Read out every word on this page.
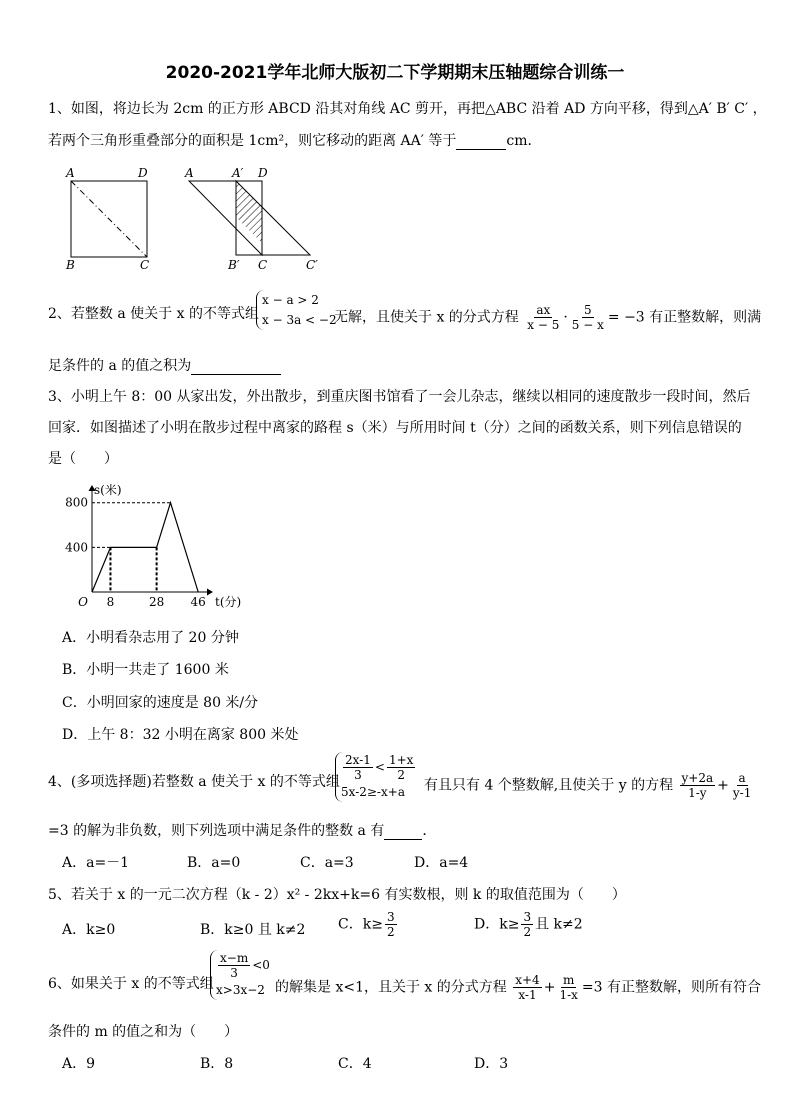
2020-2021学年北师大版初二下学期期末压轴题综合训练一
1、如图，将边长为 2cm 的正方形 ABCD 沿其对角线 AC 剪开，再把△ABC 沿着 AD 方向平移，得到△A′ B′ C′ ，
若两个三角形重叠部分的面积是 1cm²，则它移动的距离 AA′ 等于	cm．
A	D
B	C
A	A′ D
B′ C	C′
2、若整数 a 使关于 x 的不等式组
x − a > 2
x − 3a < −2
无解，且使关于 x 的分式方程 $\frac{ax}{x - 5} \cdot \frac{5}{5 - x} = -3$ 有正整数解，则满
足条件的 a 的值之积为
3、小明上午 8：00 从家出发，外出散步，到重庆图书馆看了一会儿杂志，继续以相同的速度散步一段时间，然后
回家．如图描述了小明在散步过程中离家的路程 s（米）与所用时间 t（分）之间的函数关系，则下列信息错误的
是（　　）
800
400
O 8	28 46
s(米)
t(分)
A．小明看杂志用了 20 分钟
B．小明一共走了 1600 米
C．小明回家的速度是 80 米/分
D．上午 8：32 小明在离家 800 米处
4、(多项选择题)若整数 a 使关于 x 的不等式组 $\frac{2x-1}{3} < \frac{1+x}{2}$
5x-2≥-x+a	有且只有 4 个整数解,且使关于 y 的方程 $\frac{y+2a}{1-y} + \frac{a}{y-1}$
=3 的解为非负数，则下列选项中满足条件的整数 a 有	．
A．a=－1	B．a=0	C．a=3	D．a=4
5、若关于 x 的一元二次方程（k - 2）x² - 2kx+k=6 有实数根，则 k 的取值范围为（　　）
A．k≥0	B．k≥0 且 k≠2 C．$k\ge \frac{3}{2}$	D．$k\ge \frac{3}{2}$ 且 k≠2
6、如果关于 x 的不等式组
$\frac{x-m}{3} <0$
x>3x−2 的解集是 x<1，且关于 x 的分式方程 $\frac{x+4}{x-1} + \frac{m}{1-x} =3$ 有正整数解，则所有符合
条件的 m 的值之和为（　　）
A．9	B．8	C．4	D．3
